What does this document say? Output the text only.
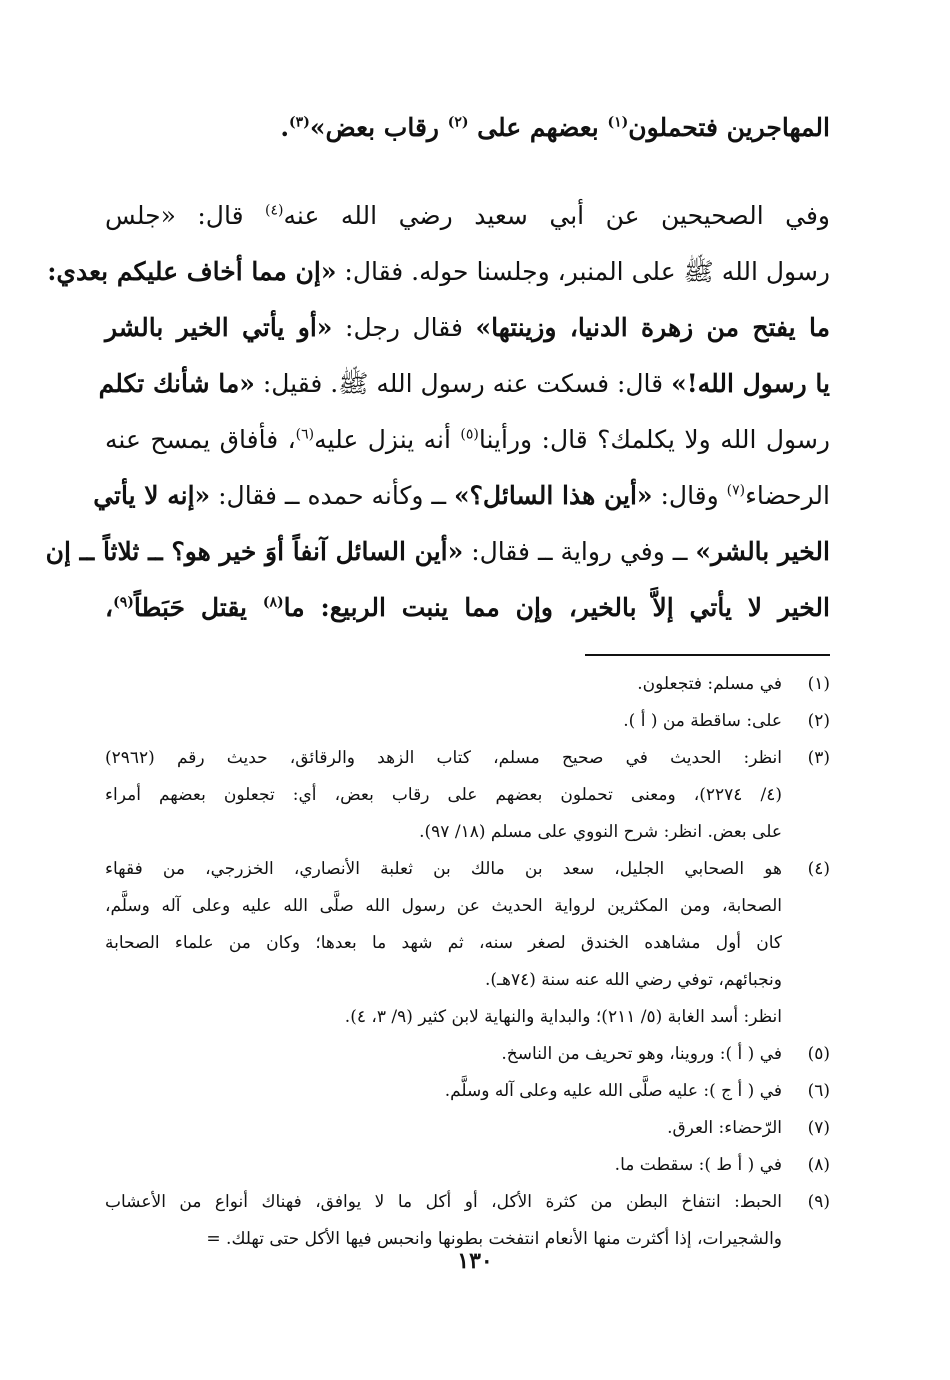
المهاجرين فتحملون$^{(١)}$ بعضهم على $^{(٢)}$ رقاب بعض»$^{(٣)}$.
وفي الصحيحين عن أبي سعيد رضي الله عنه$^{(٤)}$ قال: «جلس
رسول الله ﷺ على المنبر، وجلسنا حوله. فقال: «إن مما أخاف عليكم بعدي:
ما يفتح من زهرة الدنيا، وزينتها» فقال رجل: «أو يأتي الخير بالشر
يا رسول الله!» قال: فسكت عنه رسول الله ﷺ. فقيل: «ما شأنك تكلم
رسول الله ولا يكلمك؟ قال: ورأينا$^{(٥)}$ أنه ينزل عليه$^{(٦)}$، فأفاق يمسح عنه
الرحضاء$^{(٧)}$ وقال: «أين هذا السائل؟» ــ وكأنه حمده ــ فقال: «إنه لا يأتي
الخير بالشر» ــ وفي رواية ــ فقال: «أين السائل آنفاً أوَ خير هو؟ ــ ثلاثاً ــ إن
الخير لا يأتي إلاَّ بالخير، وإن مما ينبت الربيع: ما$^{(٨)}$ يقتل حَبَطاً$^{(٩)}$،
(١)
في مسلم: فتجعلون.
(٢)
على: ساقطة من ( أ ).
(٣)
انظر: الحديث في صحيح مسلم، كتاب الزهد والرقائق، حديث رقم (٢٩٦٢)
(٤/ ٢٢٧٤)، ومعنى تحملون بعضهم على رقاب بعض، أي: تجعلون بعضهم أمراء
على بعض. انظر: شرح النووي على مسلم (١٨/ ٩٧).
(٤)
هو الصحابي الجليل، سعد بن مالك بن ثعلبة الأنصاري، الخزرجي، من فقهاء
الصحابة، ومن المكثرين لرواية الحديث عن رسول الله صلَّى الله عليه وعلى آله وسلَّم،
كان أول مشاهده الخندق لصغر سنه، ثم شهد ما بعدها؛ وكان من علماء الصحابة
ونجبائهم، توفي رضي الله عنه سنة (٧٤هـ).
انظر: أسد الغابة (٥/ ٢١١)؛ والبداية والنهاية لابن كثير (٩/ ٣، ٤).
(٥)
في ( أ ): وروينا، وهو تحريف من الناسخ.
(٦)
في ( أ ج ): عليه صلَّى الله عليه وعلى آله وسلَّم.
(٧)
الرّحضاء: العرق.
(٨)
في ( أ ط ): سقطت ما.
(٩)
الحبط: انتفاخ البطن من كثرة الأكل، أو أكل ما لا يوافق، فهناك أنواع من الأعشاب
والشجيرات، إذا أكثرت منها الأنعام انتفخت بطونها وانحبس فيها الأكل حتى تهلك. =
١٣٠
